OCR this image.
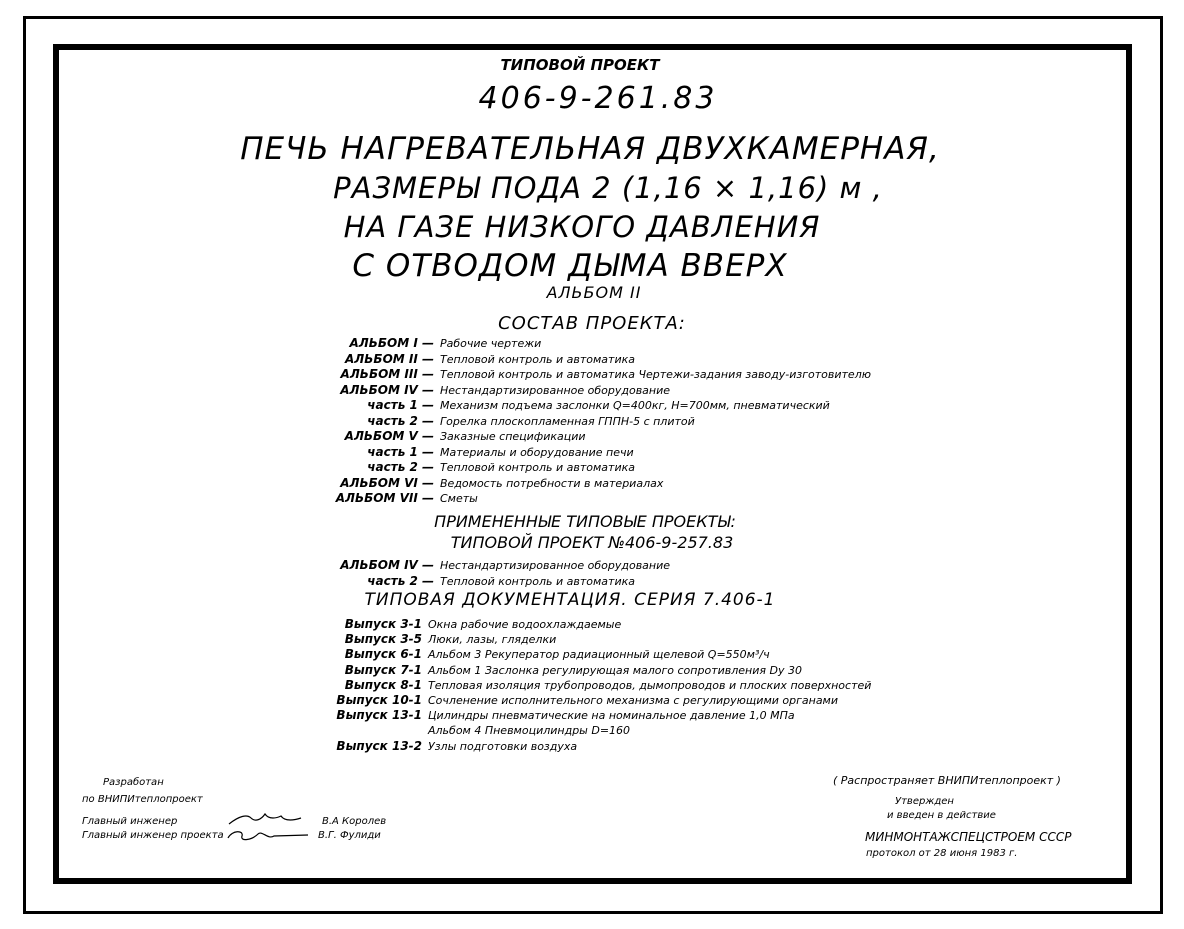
ТИПОВОЙ ПРОЕКТ
406-9-261.83
ПЕЧЬ НАГРЕВАТЕЛЬНАЯ ДВУХКАМЕРНАЯ,
РАЗМЕРЫ ПОДА 2 (1,16 × 1,16) м ,
НА ГАЗЕ НИЗКОГО ДАВЛЕНИЯ
С ОТВОДОМ ДЫМА ВВЕРХ
АЛЬБОМ II
СОСТАВ ПРОЕКТА:
АЛЬБОМ I — Рабочие чертежи
АЛЬБОМ II — Тепловой контроль и автоматика
АЛЬБОМ III — Тепловой контроль и автоматика Чертежи-задания заводу-изготовителю
АЛЬБОМ IV — Нестандартизированное оборудование
часть 1 — Механизм подъема заслонки Q=400кг, Н=700мм, пневматический
часть 2 — Горелка плоскопламенная ГППН-5 с плитой
АЛЬБОМ V — Заказные спецификации
часть 1 — Материалы и оборудование печи
часть 2 — Тепловой контроль и автоматика
АЛЬБОМ VI — Ведомость потребности в материалах
АЛЬБОМ VII — Сметы
ПРИМЕНЕННЫЕ ТИПОВЫЕ ПРОЕКТЫ:
ТИПОВОЙ ПРОЕКТ №406-9-257.83
АЛЬБОМ IV — Нестандартизированное оборудование
часть 2 — Тепловой контроль и автоматика
ТИПОВАЯ ДОКУМЕНТАЦИЯ. СЕРИЯ 7.406-1
Выпуск 3-1 Окна рабочие водоохлаждаемые
Выпуск 3-5 Люки, лазы, гляделки
Выпуск 6-1 Альбом 3 Рекуператор радиационный щелевой Q=550м³/ч
Выпуск 7-1 Альбом 1 Заслонка регулирующая малого сопротивления Dу 30
Выпуск 8-1 Тепловая изоляция трубопроводов, дымопроводов и плоских поверхностей
Выпуск 10-1 Сочленение исполнительного механизма с регулирующими органами
Выпуск 13-1 Цилиндры пневматические на номинальное давление 1,0 МПа
Альбом 4 Пневмоцилиндры D=160
Выпуск 13-2 Узлы подготовки воздуха
( Распространяет ВНИПИтеплопроект )
Разработан
по ВНИПИтеплопроект
Главный инженер
Главный инженер проекта
В.А Королев
В.Г. Фулиди
Утвержден
и введен в действие
МИНМОНТАЖСПЕЦСТРОЕМ СССР
протокол от 28 июня 1983 г.
